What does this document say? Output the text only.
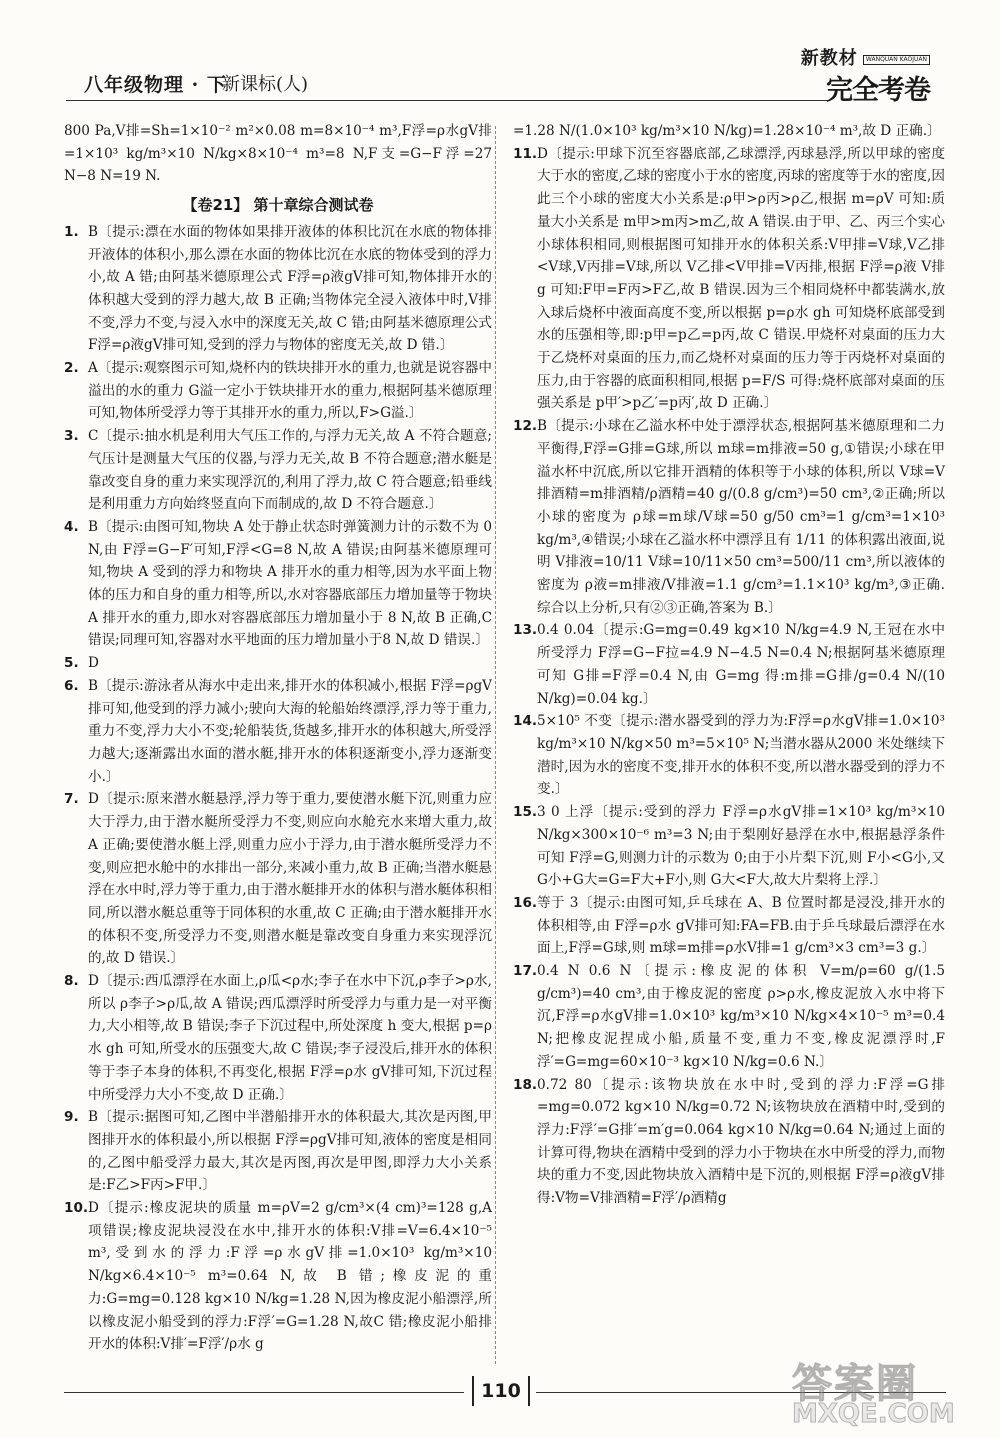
八年级物理 · 下
新课标(人)
新教材 WANQUAN KAOJUAN
完全考卷
800 Pa,V排=Sh=1×10⁻² m²×0.08 m=8×10⁻⁴ m³,F浮=ρ水gV排=1×10³ kg/m³×10 N/kg×8×10⁻⁴ m³=8 N,F支=G−F浮=27 N−8 N=19 N.
【卷21】 第十章综合测试卷
1. B〔提示:漂在水面的物体如果排开液体的体积比沉在水底的物体排开液体的体积小,那么漂在水面的物体比沉在水底的物体受到的浮力小,故 A 错;由阿基米德原理公式 F浮=ρ液gV排可知,物体排开水的体积越大受到的浮力越大,故 B 正确;当物体完全浸入液体中时,V排不变,浮力不变,与浸入水中的深度无关,故 C 错;由阿基米德原理公式 F浮=ρ液gV排可知,受到的浮力与物体的密度无关,故 D 错.〕
2. A〔提示:观察图示可知,烧杯内的铁块排开水的重力,也就是说容器中溢出的水的重力 G溢一定小于铁块排开水的重力,根据阿基米德原理可知,物体所受浮力等于其排开水的重力,所以,F>G溢.〕
3. C〔提示:抽水机是利用大气压工作的,与浮力无关,故 A 不符合题意;气压计是测量大气压的仪器,与浮力无关,故 B 不符合题意;潜水艇是靠改变自身的重力来实现浮沉的,利用了浮力,故 C 符合题意;铅垂线是利用重力方向始终竖直向下而制成的,故 D 不符合题意.〕
4. B〔提示:由图可知,物块 A 处于静止状态时弹簧测力计的示数不为 0 N,由 F浮=G−F′可知,F浮<G=8 N,故 A 错误;由阿基米德原理可知,物块 A 受到的浮力和物块 A 排开水的重力相等,因为水平面上物体的压力和自身的重力相等,所以,水对容器底部压力增加量等于物块 A 排开水的重力,即水对容器底部压力增加量小于 8 N,故 B 正确,C 错误;同理可知,容器对水平地面的压力增加量小于8 N,故 D 错误.〕
5. D
6. B〔提示:游泳者从海水中走出来,排开水的体积减小,根据 F浮=ρgV排可知,他受到的浮力减小;驶向大海的轮船始终漂浮,浮力等于重力,重力不变,浮力大小不变;轮船装货,货越多,排开水的体积越大,所受浮力越大;逐渐露出水面的潜水艇,排开水的体积逐渐变小,浮力逐渐变小.〕
7. D〔提示:原来潜水艇悬浮,浮力等于重力,要使潜水艇下沉,则重力应大于浮力,由于潜水艇所受浮力不变,则应向水舱充水来增大重力,故 A 正确;要使潜水艇上浮,则重力应小于浮力,由于潜水艇所受浮力不变,则应把水舱中的水排出一部分,来减小重力,故 B 正确;当潜水艇悬浮在水中时,浮力等于重力,由于潜水艇排开水的体积与潜水艇体积相同,所以潜水艇总重等于同体积的水重,故 C 正确;由于潜水艇排开水的体积不变,所受浮力不变,则潜水艇是靠改变自身重力来实现浮沉的,故 D 错误.〕
8. D〔提示:西瓜漂浮在水面上,ρ瓜<ρ水;李子在水中下沉,ρ李子>ρ水,所以 ρ李子>ρ瓜,故 A 错误;西瓜漂浮时所受浮力与重力是一对平衡力,大小相等,故 B 错误;李子下沉过程中,所处深度 h 变大,根据 p=ρ水 gh 可知,所受水的压强变大,故 C 错误;李子浸没后,排开水的体积等于李子本身的体积,不再变化,根据 F浮=ρ水 gV排可知,下沉过程中所受浮力大小不变,故 D 正确.〕
9. B〔提示:据图可知,乙图中半潜船排开水的体积最大,其次是丙图,甲图排开水的体积最小,所以根据 F浮=ρgV排可知,液体的密度是相同的,乙图中船受浮力最大,其次是丙图,再次是甲图,即浮力大小关系是:F乙>F丙>F甲.〕
10. D〔提示:橡皮泥块的质量 m=ρV=2 g/cm³×(4 cm)³=128 g,A 项错误;橡皮泥块浸没在水中,排开水的体积:V排=V=6.4×10⁻⁵ m³,受到水的浮力:F浮=ρ水gV排=1.0×10³ kg/m³×10 N/kg×6.4×10⁻⁵ m³=0.64 N,故 B 错;橡皮泥的重力:G=mg=0.128 kg×10 N/kg=1.28 N,因为橡皮泥小船漂浮,所以橡皮泥小船受到的浮力:F浮′=G=1.28 N,故C 错;橡皮泥小船排开水的体积:V排′=F浮′/ρ水 g
=1.28 N/(1.0×10³ kg/m³×10 N/kg)=1.28×10⁻⁴ m³,故 D 正确.〕
11. D〔提示:甲球下沉至容器底部,乙球漂浮,丙球悬浮,所以甲球的密度大于水的密度,乙球的密度小于水的密度,丙球的密度等于水的密度,因此三个小球的密度大小关系是:ρ甲>ρ丙>ρ乙,根据 m=ρV 可知:质量大小关系是 m甲>m丙>m乙,故 A 错误.由于甲、乙、丙三个实心小球体积相同,则根据图可知排开水的体积关系:V甲排=V球,V乙排<V球,V丙排=V球,所以 V乙排<V甲排=V丙排,根据 F浮=ρ液 V排g 可知:F甲=F丙>F乙,故 B 错误.因为三个相同烧杯中都装满水,放入球后烧杯中液面高度不变,所以根据 p=ρ水 gh 可知烧杯底部受到水的压强相等,即:p甲=p乙=p丙,故 C 错误.甲烧杯对桌面的压力大于乙烧杯对桌面的压力,而乙烧杯对桌面的压力等于丙烧杯对桌面的压力,由于容器的底面积相同,根据 p=F/S 可得:烧杯底部对桌面的压强关系是 p甲′>p乙′=p丙′,故 D 正确.〕
12. B〔提示:小球在乙溢水杯中处于漂浮状态,根据阿基米德原理和二力平衡得,F浮=G排=G球,所以 m球=m排液=50 g,①错误;小球在甲溢水杯中沉底,所以它排开酒精的体积等于小球的体积,所以 V球=V排酒精=m排酒精/ρ酒精=40 g/(0.8 g/cm³)=50 cm³,②正确;所以小球的密度为 ρ球=m球/V球=50 g/50 cm³=1 g/cm³=1×10³ kg/m³,④错误;小球在乙溢水杯中漂浮且有 1/11 的体积露出液面,说明 V排液=10/11 V球=10/11×50 cm³=500/11 cm³,所以液体的密度为 ρ液=m排液/V排液=1.1 g/cm³=1.1×10³ kg/m³,③正确.综合以上分析,只有②③正确,答案为 B.〕
13. 0.4 0.04〔提示:G=mg=0.49 kg×10 N/kg=4.9 N,王冠在水中所受浮力 F浮=G−F拉=4.9 N−4.5 N=0.4 N;根据阿基米德原理可知 G排=F浮=0.4 N,由 G=mg 得:m排=G排/g=0.4 N/(10 N/kg)=0.04 kg.〕
14. 5×10⁵ 不变〔提示:潜水器受到的浮力为:F浮=ρ水gV排=1.0×10³ kg/m³×10 N/kg×50 m³=5×10⁵ N;当潜水器从2000 米处继续下潜时,因为水的密度不变,排开水的体积不变,所以潜水器受到的浮力不变.〕
15. 3 0 上浮〔提示:受到的浮力 F浮=ρ水gV排=1×10³ kg/m³×10 N/kg×300×10⁻⁶ m³=3 N;由于梨刚好悬浮在水中,根据悬浮条件可知 F浮=G,则测力计的示数为 0;由于小片梨下沉,则 F小<G小,又 G小+G大=G=F大+F小,则 G大<F大,故大片梨将上浮.〕
16. 等于 3〔提示:由图可知,乒乓球在 A、B 位置时都是浸没,排开水的体积相等,由 F浮=ρ水 gV排可知:FA=FB.由于乒乓球最后漂浮在水面上,F浮=G球,则 m球=m排=ρ水V排=1 g/cm³×3 cm³=3 g.〕
17. 0.4 N 0.6 N〔提示:橡皮泥的体积 V=m/ρ=60 g/(1.5 g/cm³)=40 cm³,由于橡皮泥的密度 ρ>ρ水,橡皮泥放入水中将下沉,F浮=ρ水gV排=1.0×10³ kg/m³×10 N/kg×4×10⁻⁵ m³=0.4 N;把橡皮泥捏成小船,质量不变,重力不变,橡皮泥漂浮时,F浮′=G=mg=60×10⁻³ kg×10 N/kg=0.6 N.〕
18. 0.72 80〔提示:该物块放在水中时,受到的浮力:F浮=G排=mg=0.072 kg×10 N/kg=0.72 N;该物块放在酒精中时,受到的浮力:F浮′=G排′=m′g=0.064 kg×10 N/kg=0.64 N;通过上面的计算可得,物块在酒精中受到的浮力小于物块在水中所受的浮力,而物块的重力不变,因此物块放入酒精中是下沉的,则根据 F浮=ρ液gV排得:V物=V排酒精=F浮′/ρ酒精g
110	答案圈
MXQE.COM
